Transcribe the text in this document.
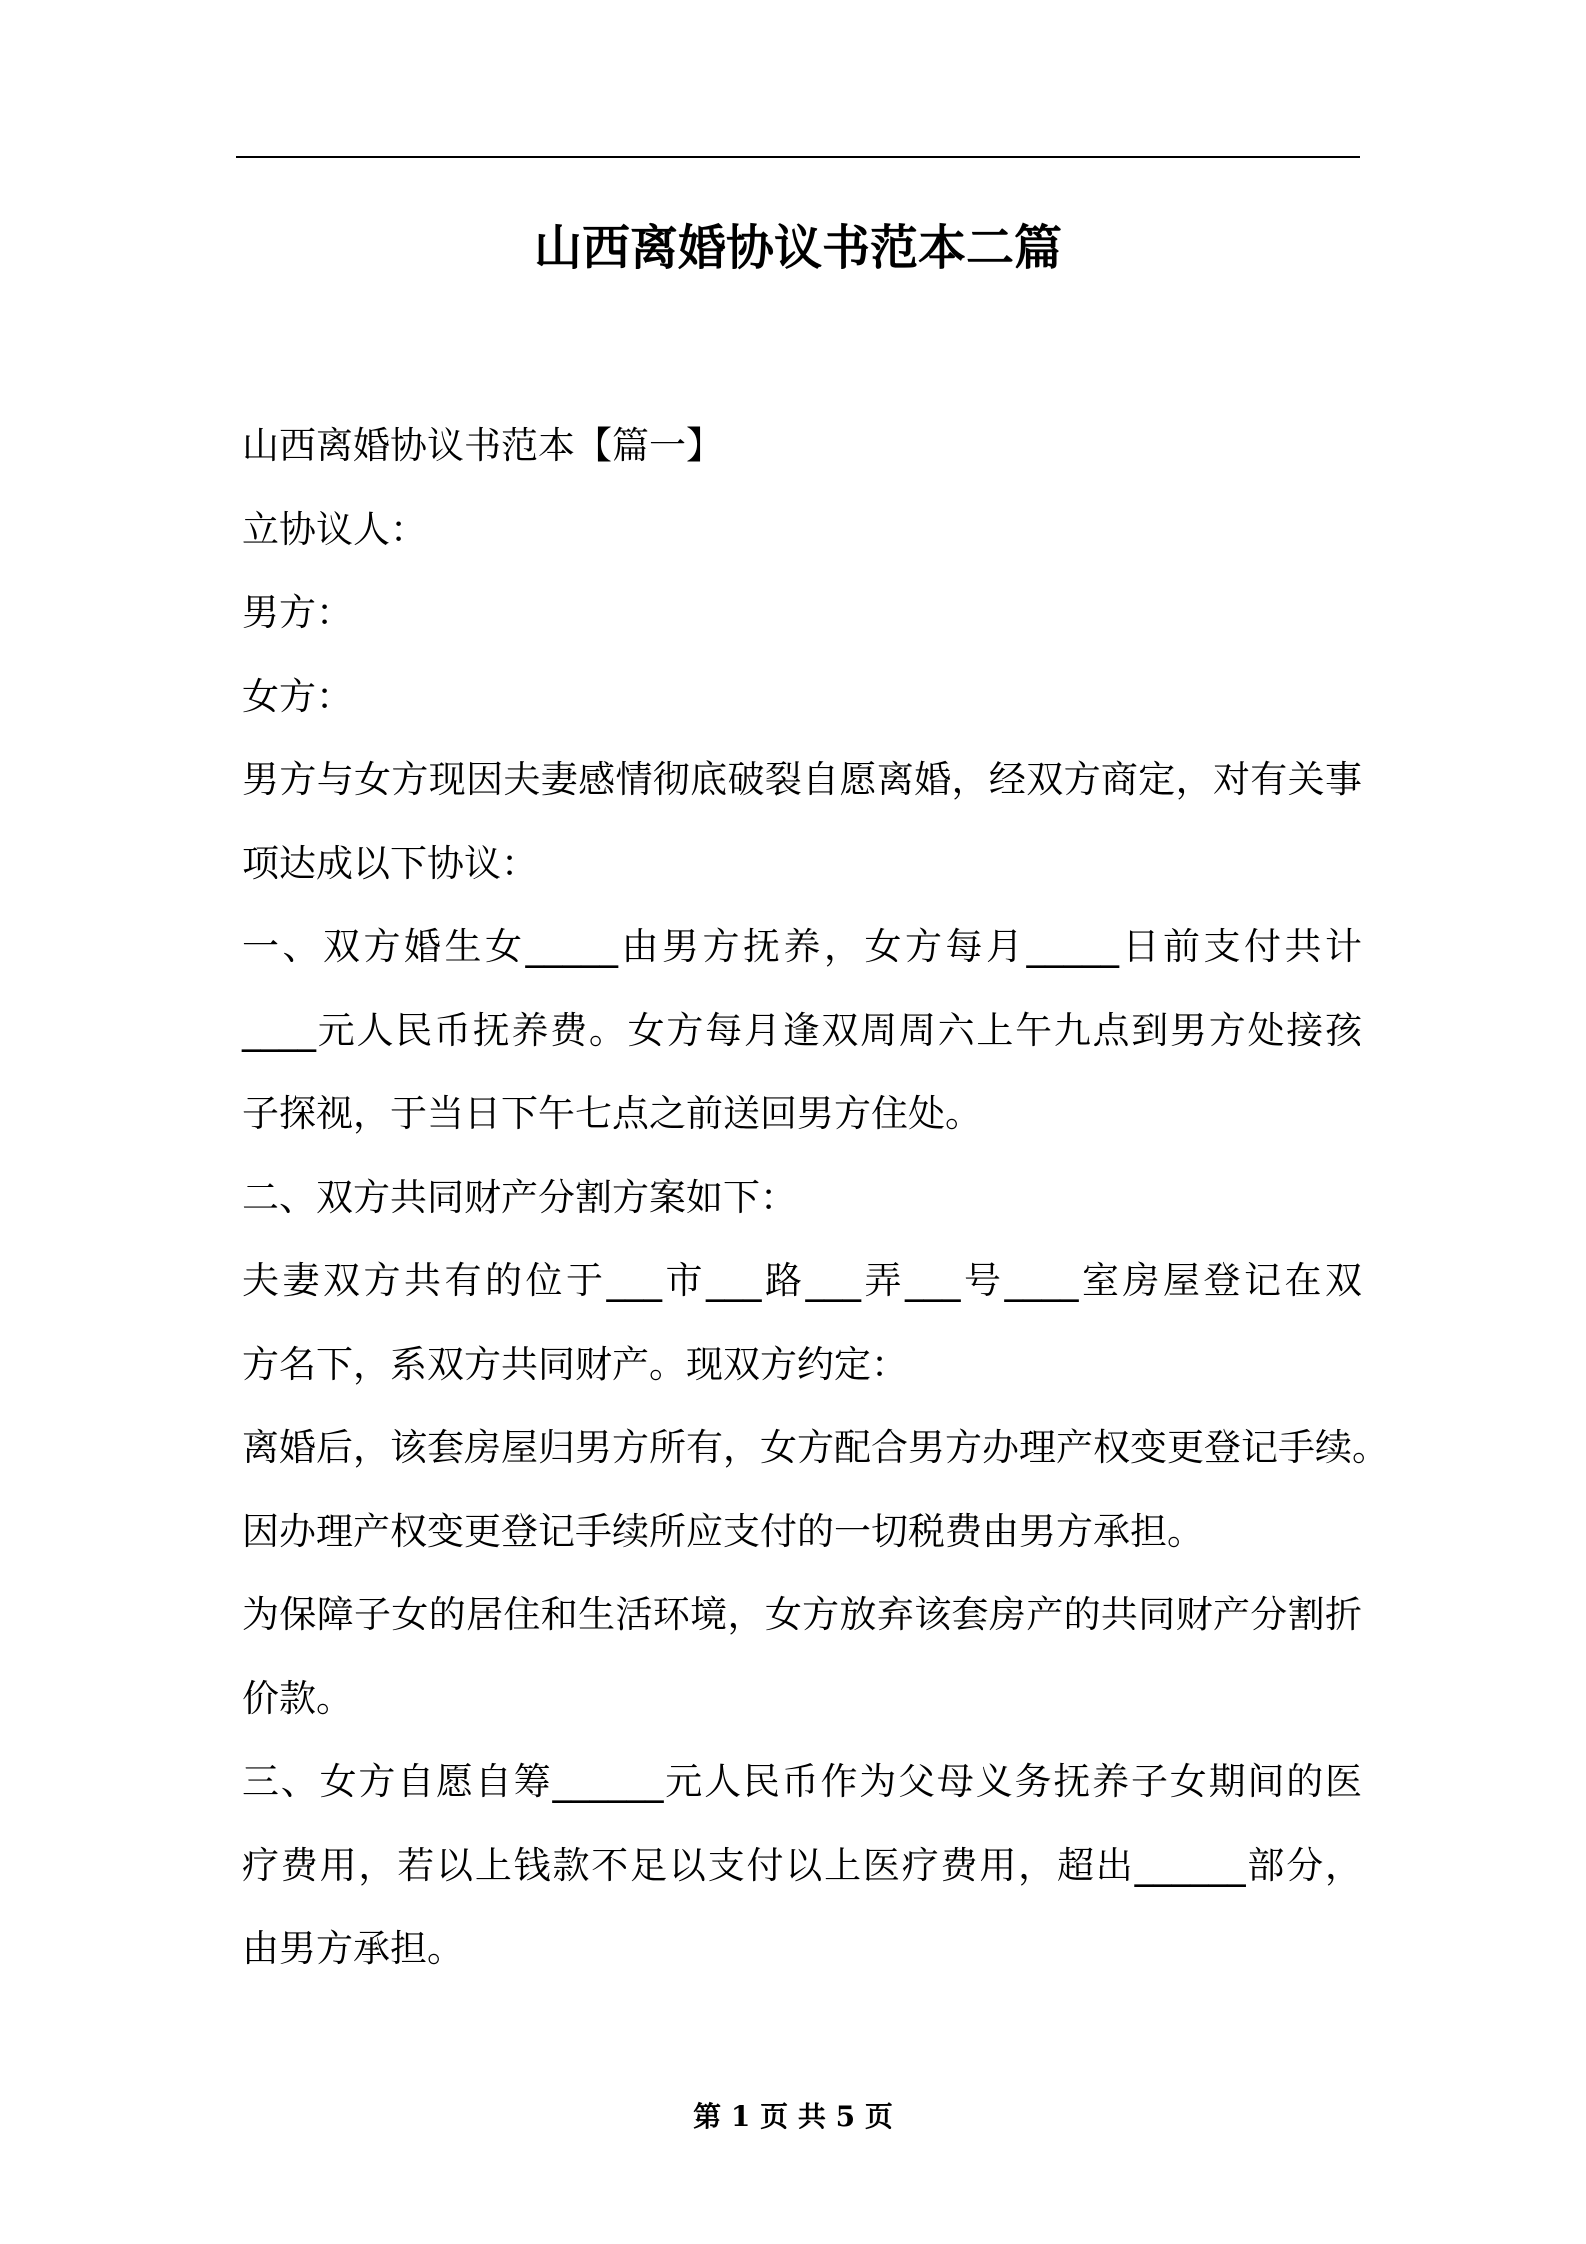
山西离婚协议书范本二篇
山西离婚协议书范本【篇一】
立协议人：
男方：
女方：
男方与女方现因夫妻感情彻底破裂自愿离婚，经双方商定，对有关事
项达成以下协议：
一、双方婚生女_____由男方抚养，女方每月_____日前支付共计
____元人民币抚养费。女方每月逢双周周六上午九点到男方处接孩
子探视，于当日下午七点之前送回男方住处。
二、双方共同财产分割方案如下：
夫妻双方共有的位于___市___路___弄___号____室房屋登记在双
方名下，系双方共同财产。现双方约定：
离婚后，该套房屋归男方所有，女方配合男方办理产权变更登记手续。
因办理产权变更登记手续所应支付的一切税费由男方承担。
为保障子女的居住和生活环境，女方放弃该套房产的共同财产分割折
价款。
三、女方自愿自筹______元人民币作为父母义务抚养子女期间的医
疗费用，若以上钱款不足以支付以上医疗费用，超出______部分，
由男方承担。
第 1 页 共 5 页
